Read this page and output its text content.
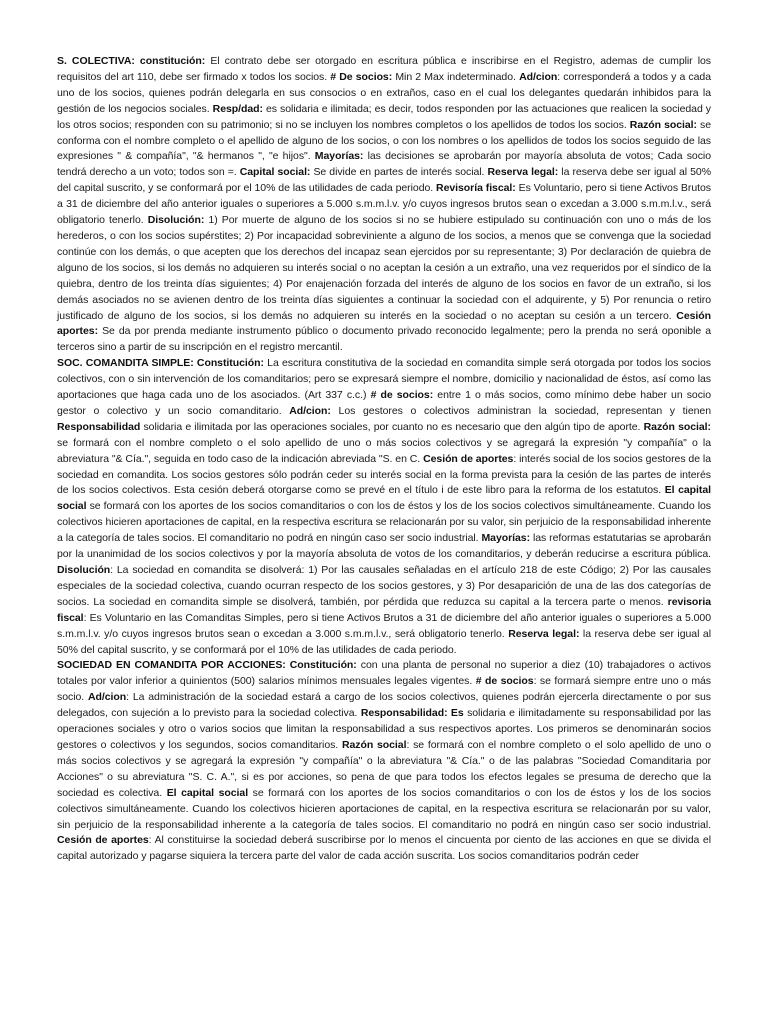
S. COLECTIVA: constitución: El contrato debe ser otorgado en escritura pública e inscribirse en el Registro, ademas de cumplir los requisitos del art 110, debe ser firmado x todos los socios. # De socios: Min 2 Max indeterminado. Ad/cion: corresponderá a todos y a cada uno de los socios, quienes podrán delegarla en sus consocios o en extraños, caso en el cual los delegantes quedarán inhibidos para la gestión de los negocios sociales. Resp/dad: es solidaria e ilimitada; es decir, todos responden por las actuaciones que realicen la sociedad y los otros socios; responden con su patrimonio; si no se incluyen los nombres completos o los apellidos de todos los socios. Razón social: se conforma con el nombre completo o el apellido de alguno de los socios, o con los nombres o los apellidos de todos los socios seguido de las expresiones " & compañía", "& hermanos ", "e hijos". Mayorías: las decisiones se aprobarán por mayoría absoluta de votos; Cada socio tendrá derecho a un voto; todos son =. Capital social: Se divide en partes de interés social. Reserva legal: la reserva debe ser igual al 50% del capital suscrito, y se conformará por el 10% de las utilidades de cada periodo. Revisoría fiscal: Es Voluntario, pero si tiene Activos Brutos a 31 de diciembre del año anterior iguales o superiores a 5.000 s.m.m.l.v. y/o cuyos ingresos brutos sean o excedan a 3.000 s.m.m.l.v., será obligatorio tenerlo. Disolución: 1) Por muerte de alguno de los socios si no se hubiere estipulado su continuación con uno o más de los herederos, o con los socios supérstites; 2) Por incapacidad sobreviniente a alguno de los socios, a menos que se convenga que la sociedad continúe con los demás, o que acepten que los derechos del incapaz sean ejercidos por su representante; 3) Por declaración de quiebra de alguno de los socios, si los demás no adquieren su interés social o no aceptan la cesión a un extraño, una vez requeridos por el síndico de la quiebra, dentro de los treinta días siguientes; 4) Por enajenación forzada del interés de alguno de los socios en favor de un extraño, si los demás asociados no se avienen dentro de los treinta días siguientes a continuar la sociedad con el adquirente, y 5) Por renuncia o retiro justificado de alguno de los socios, si los demás no adquieren su interés en la sociedad o no aceptan su cesión a un tercero. Cesión aportes: Se da por prenda mediante instrumento público o documento privado reconocido legalmente; pero la prenda no será oponible a terceros sino a partir de su inscripción en el registro mercantil.

SOC. COMANDITA SIMPLE: Constitución: La escritura constitutiva de la sociedad en comandita simple será otorgada por todos los socios colectivos, con o sin intervención de los comanditarios; pero se expresará siempre el nombre, domicilio y nacionalidad de éstos, así como las aportaciones que haga cada uno de los asociados. (Art 337 c.c.) # de socios: entre 1 o más socios, como mínimo debe haber un socio gestor o colectivo y un socio comanditario. Ad/cion: Los gestores o colectivos administran la sociedad, representan y tienen Responsabilidad solidaria e ilimitada por las operaciones sociales, por cuanto no es necesario que den algún tipo de aporte. Razón social: se formará con el nombre completo o el solo apellido de uno o más socios colectivos y se agregará la expresión "y compañía" o la abreviatura "& Cía.", seguida en todo caso de la indicación abreviada "S. en C. Cesión de aportes: interés social de los socios gestores de la sociedad en comandita. Los socios gestores sólo podrán ceder su interés social en la forma prevista para la cesión de las partes de interés de los socios colectivos. Esta cesión deberá otorgarse como se prevé en el título i de este libro para la reforma de los estatutos. El capital social se formará con los aportes de los socios comanditarios o con los de éstos y los de los socios colectivos simultáneamente. Cuando los colectivos hicieren aportaciones de capital, en la respectiva escritura se relacionarán por su valor, sin perjuicio de la responsabilidad inherente a la categoría de tales socios. El comanditario no podrá en ningún caso ser socio industrial. Mayorías: las reformas estatutarias se aprobarán por la unanimidad de los socios colectivos y por la mayoría absoluta de votos de los comanditarios, y deberán reducirse a escritura pública. Disolución: La sociedad en comandita se disolverá: 1) Por las causales señaladas en el artículo 218 de este Código; 2) Por las causales especiales de la sociedad colectiva, cuando ocurran respecto de los socios gestores, y 3) Por desaparición de una de las dos categorías de socios. La sociedad en comandita simple se disolverá, también, por pérdida que reduzca su capital a la tercera parte o menos. revisoria fiscal: Es Voluntario en las Comanditas Simples, pero si tiene Activos Brutos a 31 de diciembre del año anterior iguales o superiores a 5.000 s.m.m.l.v. y/o cuyos ingresos brutos sean o excedan a 3.000 s.m.m.l.v., será obligatorio tenerlo. Reserva legal: la reserva debe ser igual al 50% del capital suscrito, y se conformará por el 10% de las utilidades de cada periodo.

SOCIEDAD EN COMANDITA POR ACCIONES: Constitución: con una planta de personal no superior a diez (10) trabajadores o activos totales por valor inferior a quinientos (500) salarios mínimos mensuales legales vigentes. # de socios: se formará siempre entre uno o más socio. Ad/cion: La administración de la sociedad estará a cargo de los socios colectivos, quienes podrán ejercerla directamente o por sus delegados, con sujeción a lo previsto para la sociedad colectiva. Responsabilidad: Es solidaria e ilimitadamente su responsabilidad por las operaciones sociales y otro o varios socios que limitan la responsabilidad a sus respectivos aportes. Los primeros se denominarán socios gestores o colectivos y los segundos, socios comanditarios. Razón social: se formará con el nombre completo o el solo apellido de uno o más socios colectivos y se agregará la expresión "y compañía" o la abreviatura "& Cía." o de las palabras "Sociedad Comanditaria por Acciones" o su abreviatura "S. C. A.", si es por acciones, so pena de que para todos los efectos legales se presuma de derecho que la sociedad es colectiva. El capital social se formará con los aportes de los socios comanditarios o con los de éstos y los de los socios colectivos simultáneamente. Cuando los colectivos hicieren aportaciones de capital, en la respectiva escritura se relacionarán por su valor, sin perjuicio de la responsabilidad inherente a la categoría de tales socios. El comanditario no podrá en ningún caso ser socio industrial. Cesión de aportes: Al constituirse la sociedad deberá suscribirse por lo menos el cincuenta por ciento de las acciones en que se divida el capital autorizado y pagarse siquiera la tercera parte del valor de cada acción suscrita. Los socios comanditarios podrán ceder
